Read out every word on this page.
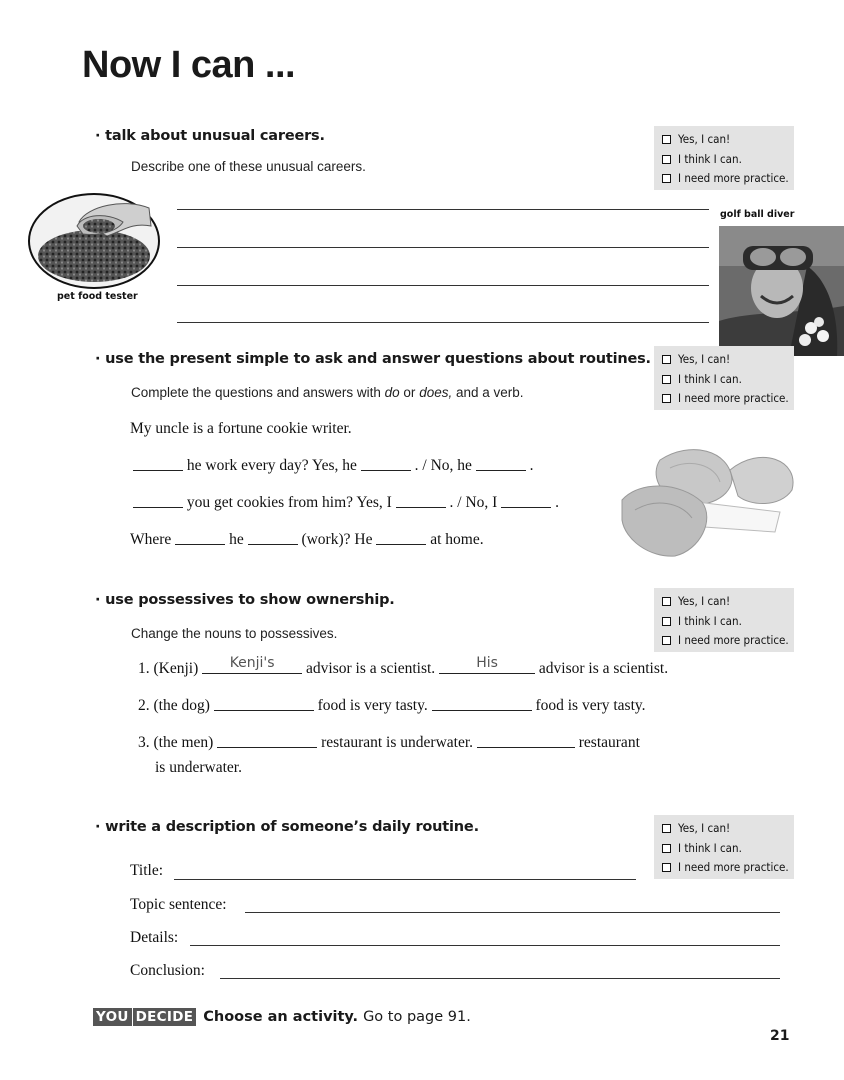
Now I can ...
· talk about unusual careers.
Describe one of these unusual careers.
Yes, I can!
I think I can.
I need more practice.
pet food tester
golf ball diver
· use the present simple to ask and answer questions about routines. Yes, I can!
I think I can.
I need more practice.
Complete the questions and answers with do or does, and a verb.
My uncle is a fortune cookie writer.
he work every day? Yes, he	. / No, he	.
you get cookies from him? Yes, I	. / No, I	.
Where	he	(work)? He	at home.
· use possessives to show ownership.	Yes, I can!
I think I can.
I need more practice.
Change the nouns to possessives.
1. (Kenji)	Kenji's	advisor is a scientist.	His	advisor is a scientist.
2. (the dog)	food is very tasty.	food is very tasty.
3. (the men)	restaurant is underwater.	restaurant
is underwater.
· write a description of someone’s daily routine.	Yes, I can!
I think I can.
I need more practice.
Title:
Topic sentence:
Details:
Conclusion:
YOU DECIDE Choose an activity. Go to page 91.
21
